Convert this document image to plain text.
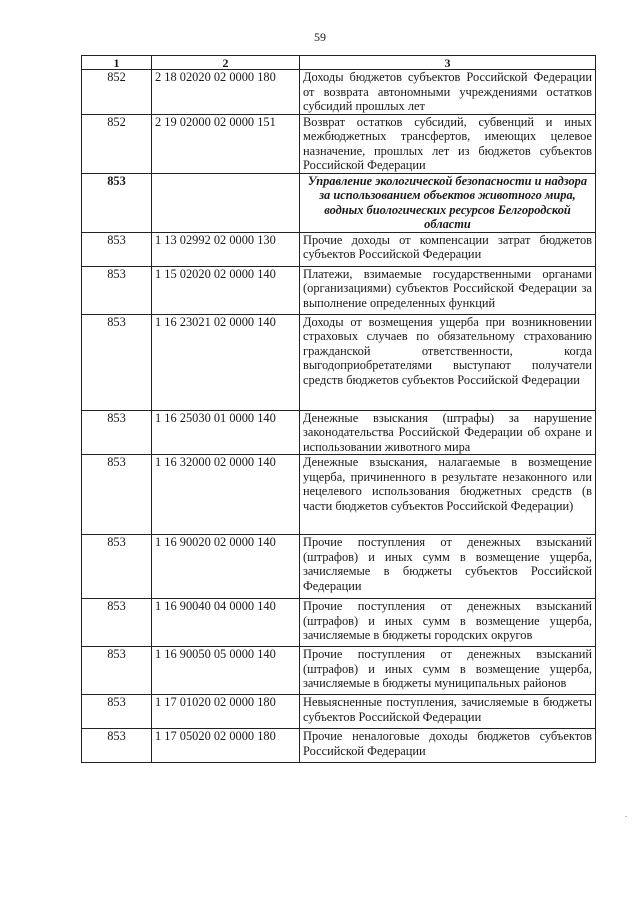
59
1	2	3
852	2 18 02020 02 0000 180	Доходы бюджетов субъектов Российской Федерации от возврата автономными учреждениями остатков субсидий прошлых лет
852	2 19 02000 02 0000 151	Возврат остатков субсидий, субвенций и иных межбюджетных трансфертов, имеющих целевое назначение, прошлых лет из бюджетов субъектов Российской Федерации
853		Управление экологической безопасности и надзора за использованием объектов животного мира, водных биологических ресурсов Белгородской области
853	1 13 02992 02 0000 130	Прочие доходы от компенсации затрат бюджетов субъектов Российской Федерации
853	1 15 02020 02 0000 140	Платежи, взимаемые государственными органами (организациями) субъектов Российской Федерации за выполнение определенных функций
853	1 16 23021 02 0000 140	Доходы от возмещения ущерба при возникновении страховых случаев по обязательному страхованию гражданской ответственности, когда выгодоприобретателями выступают получатели средств бюджетов субъектов Российской Федерации
853	1 16 25030 01 0000 140	Денежные взыскания (штрафы) за нарушение законодательства Российской Федерации об охране и использовании животного мира
853	1 16 32000 02 0000 140	Денежные взыскания, налагаемые в возмещение ущерба, причиненного в результате незаконного или нецелевого использования бюджетных средств (в части бюджетов субъектов Российской Федерации)
853	1 16 90020 02 0000 140	Прочие поступления от денежных взысканий (штрафов) и иных сумм в возмещение ущерба, зачисляемые в бюджеты субъектов Российской Федерации
853	1 16 90040 04 0000 140	Прочие поступления от денежных взысканий (штрафов) и иных сумм в возмещение ущерба, зачисляемые в бюджеты городских округов
853	1 16 90050 05 0000 140	Прочие поступления от денежных взысканий (штрафов) и иных сумм в возмещение ущерба, зачисляемые в бюджеты муниципальных районов
853	1 17 01020 02 0000 180	Невыясненные поступления, зачисляемые в бюджеты субъектов Российской Федерации
853	1 17 05020 02 0000 180	Прочие неналоговые доходы бюджетов субъектов Российской Федерации
·
